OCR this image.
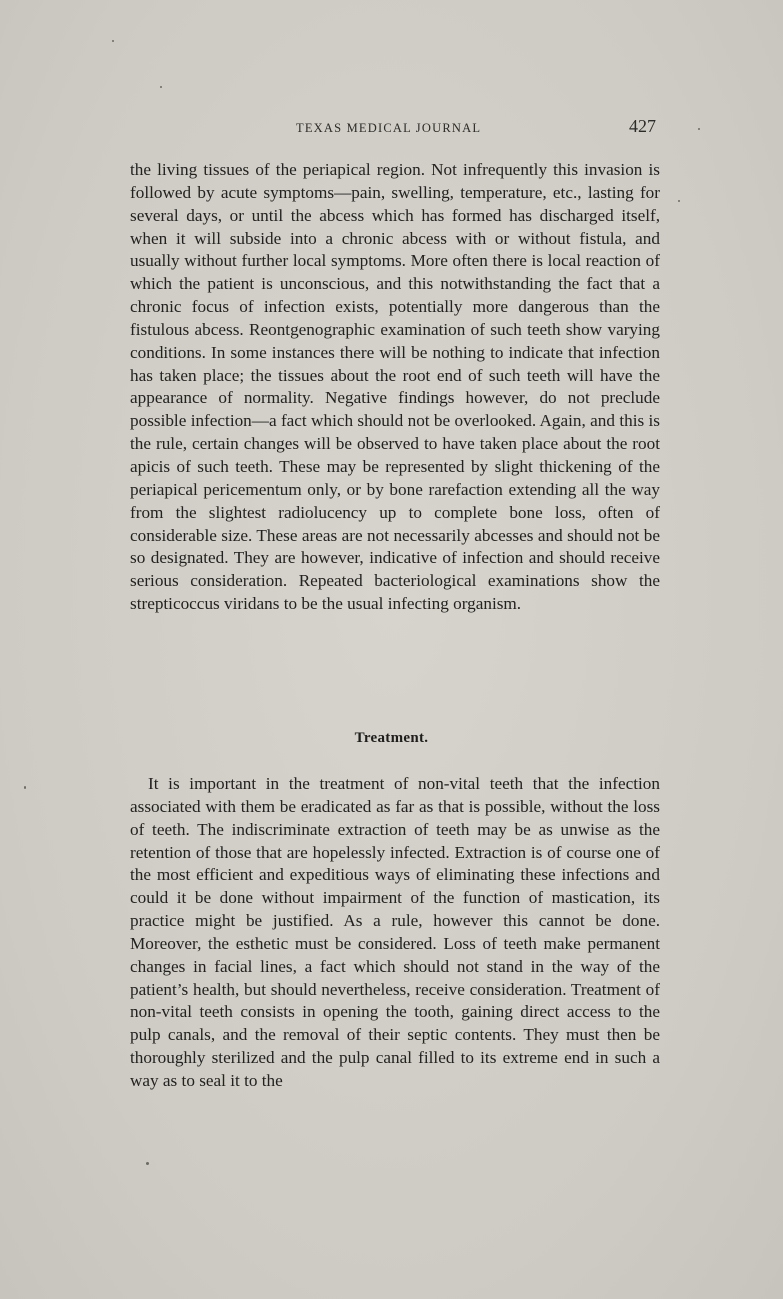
TEXAS MEDICAL JOURNAL	427

the living tissues of the periapical region. Not infrequently this invasion is followed by acute symptoms—pain, swelling, temperature, etc., lasting for several days, or until the abcess which has formed has discharged itself, when it will subside into a chronic abcess with or without fistula, and usually without further local symptoms. More often there is local reaction of which the patient is unconscious, and this notwithstanding the fact that a chronic focus of infection exists, potentially more dangerous than the fistulous abcess. Reontgenographic examination of such teeth show varying conditions. In some instances there will be nothing to indicate that infection has taken place; the tissues about the root end of such teeth will have the appearance of normality. Negative findings however, do not preclude possible infection—a fact which should not be overlooked. Again, and this is the rule, certain changes will be observed to have taken place about the root apicis of such teeth. These may be represented by slight thickening of the periapical pericementum only, or by bone rarefaction extending all the way from the slightest radiolucency up to complete bone loss, often of considerable size. These areas are not necessarily abcesses and should not be so designated. They are however, indicative of infection and should receive serious consideration. Repeated bacteriological examinations show the strepticoccus viridans to be the usual infecting organism.

Treatment.

It is important in the treatment of non-vital teeth that the infection associated with them be eradicated as far as that is possible, without the loss of teeth. The indiscriminate extraction of teeth may be as unwise as the retention of those that are hopelessly infected. Extraction is of course one of the most efficient and expeditious ways of eliminating these infections and could it be done without impairment of the function of mastication, its practice might be justified. As a rule, however this cannot be done. Moreover, the esthetic must be considered. Loss of teeth make permanent changes in facial lines, a fact which should not stand in the way of the patient’s health, but should nevertheless, receive consideration. Treatment of non-vital teeth consists in opening the tooth, gaining direct access to the pulp canals, and the removal of their septic contents. They must then be thoroughly sterilized and the pulp canal filled to its extreme end in such a way as to seal it to the
